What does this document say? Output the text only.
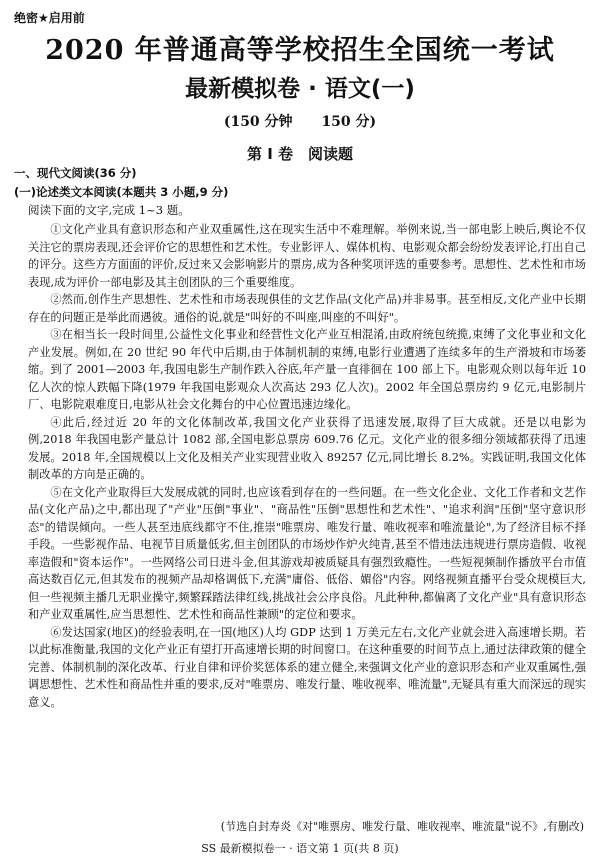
绝密★启用前
2020 年普通高等学校招生全国统一考试
最新模拟卷 · 语文(一)
(150 分钟 150 分)
第 I 卷　阅读题
一、现代文阅读(36 分)
(一)论述类文本阅读(本题共 3 小题,9 分)
阅读下面的文字,完成 1~3 题。

①文化产业具有意识形态和产业双重属性,这在现实生活中不难理解。举例来说,当一部电影上映后,舆论不仅关注它的票房表现,还会评价它的思想性和艺术性。专业影评人、媒体机构、电影观众都会纷纷发表评论,打出自己的评分。这些方方面面的评价,反过来又会影响影片的票房,成为各种奖项评选的重要参考。思想性、艺术性和市场表现,成为评价一部电影及其主创团队的三个重要维度。

②然而,创作生产思想性、艺术性和市场表现俱佳的文艺作品(文化产品)并非易事。甚至相反,文化产业中长期存在的问题正是举此而遇彼。通俗的说,就是"叫好的不叫座,叫座的不叫好"。

③在相当长一段时间里,公益性文化事业和经营性文化产业互相混淆,由政府统包统揽,束缚了文化事业和文化产业发展。例如,在 20 世纪 90 年代中后期,由于体制机制的束缚,电影行业遭遇了连续多年的生产滑坡和市场萎缩。到了 2001—2003 年,我国电影生产制作跌入谷底,年产量一直徘徊在 100 部上下。电影观众则以每年近 10 亿人次的惊人跌幅下降(1979 年我国电影观众人次高达 293 亿人次)。2002 年全国总票房约 9 亿元,电影制片厂、电影院艰难度日,电影从社会文化舞台的中心位置迅速边缘化。

④此后,经过近 20 年的文化体制改革,我国文化产业获得了迅速发展,取得了巨大成就。还是以电影为例,2018 年我国电影产量总计 1082 部,全国电影总票房 609.76 亿元。文化产业的很多细分领域都获得了迅速发展。2018 年,全国规模以上文化及相关产业实现营业收入 89257 亿元,同比增长 8.2%。实践证明,我国文化体制改革的方向是正确的。

⑤在文化产业取得巨大发展成就的同时,也应该看到存在的一些问题。在一些文化企业、文化工作者和文艺作品(文化产品)之中,都出现了"产业"压倒"事业"、"商品性"压倒"思想性和艺术性"、"追求利润"压倒"坚守意识形态"的错误倾向。一些人甚至违底线都守不住,推崇"唯票房、唯发行量、唯收视率和唯流量论",为了经济目标不择手段。一些影视作品、电视节目质量低劣,但主创团队的市场炒作炉火纯青,甚至不惜违法违规进行票房造假、收视率造假和"资本运作"。一些网络公司日进斗金,但其游戏却被质疑具有强烈致瘾性。一些短视频制作播放平台市值高达数百亿元,但其发布的视频产品却格调低下,充满"庸俗、低俗、媚俗"内容。网络视频直播平台受众规模巨大,但一些视频主播几无职业操守,频繁踩踏法律红线,挑战社会公序良俗。凡此种种,都偏离了文化产业"具有意识形态和产业双重属性,应当思想性、艺术性和商品性兼顾"的定位和要求。

⑥发达国家(地区)的经验表明,在一国(地区)人均 GDP 达到 1 万美元左右,文化产业就会进入高速增长期。若以此标准衡量,我国的文化产业正有望打开高速增长期的时间窗口。在这种重要的时间节点上,通过法律政策的健全完善、体制机制的深化改革、行业自律和评价奖惩体系的建立健全,来强调文化产业的意识形态和产业双重属性,强调思想性、艺术性和商品性并重的要求,反对"唯票房、唯发行量、唯收视率、唯流量",无疑具有重大而深远的现实意义。

(节选自封寿炎《对"唯票房、唯发行量、唯收视率、唯流量"说不》,有删改)
SS 最新模拟卷一 · 语文第 1 页(共 8 页)
